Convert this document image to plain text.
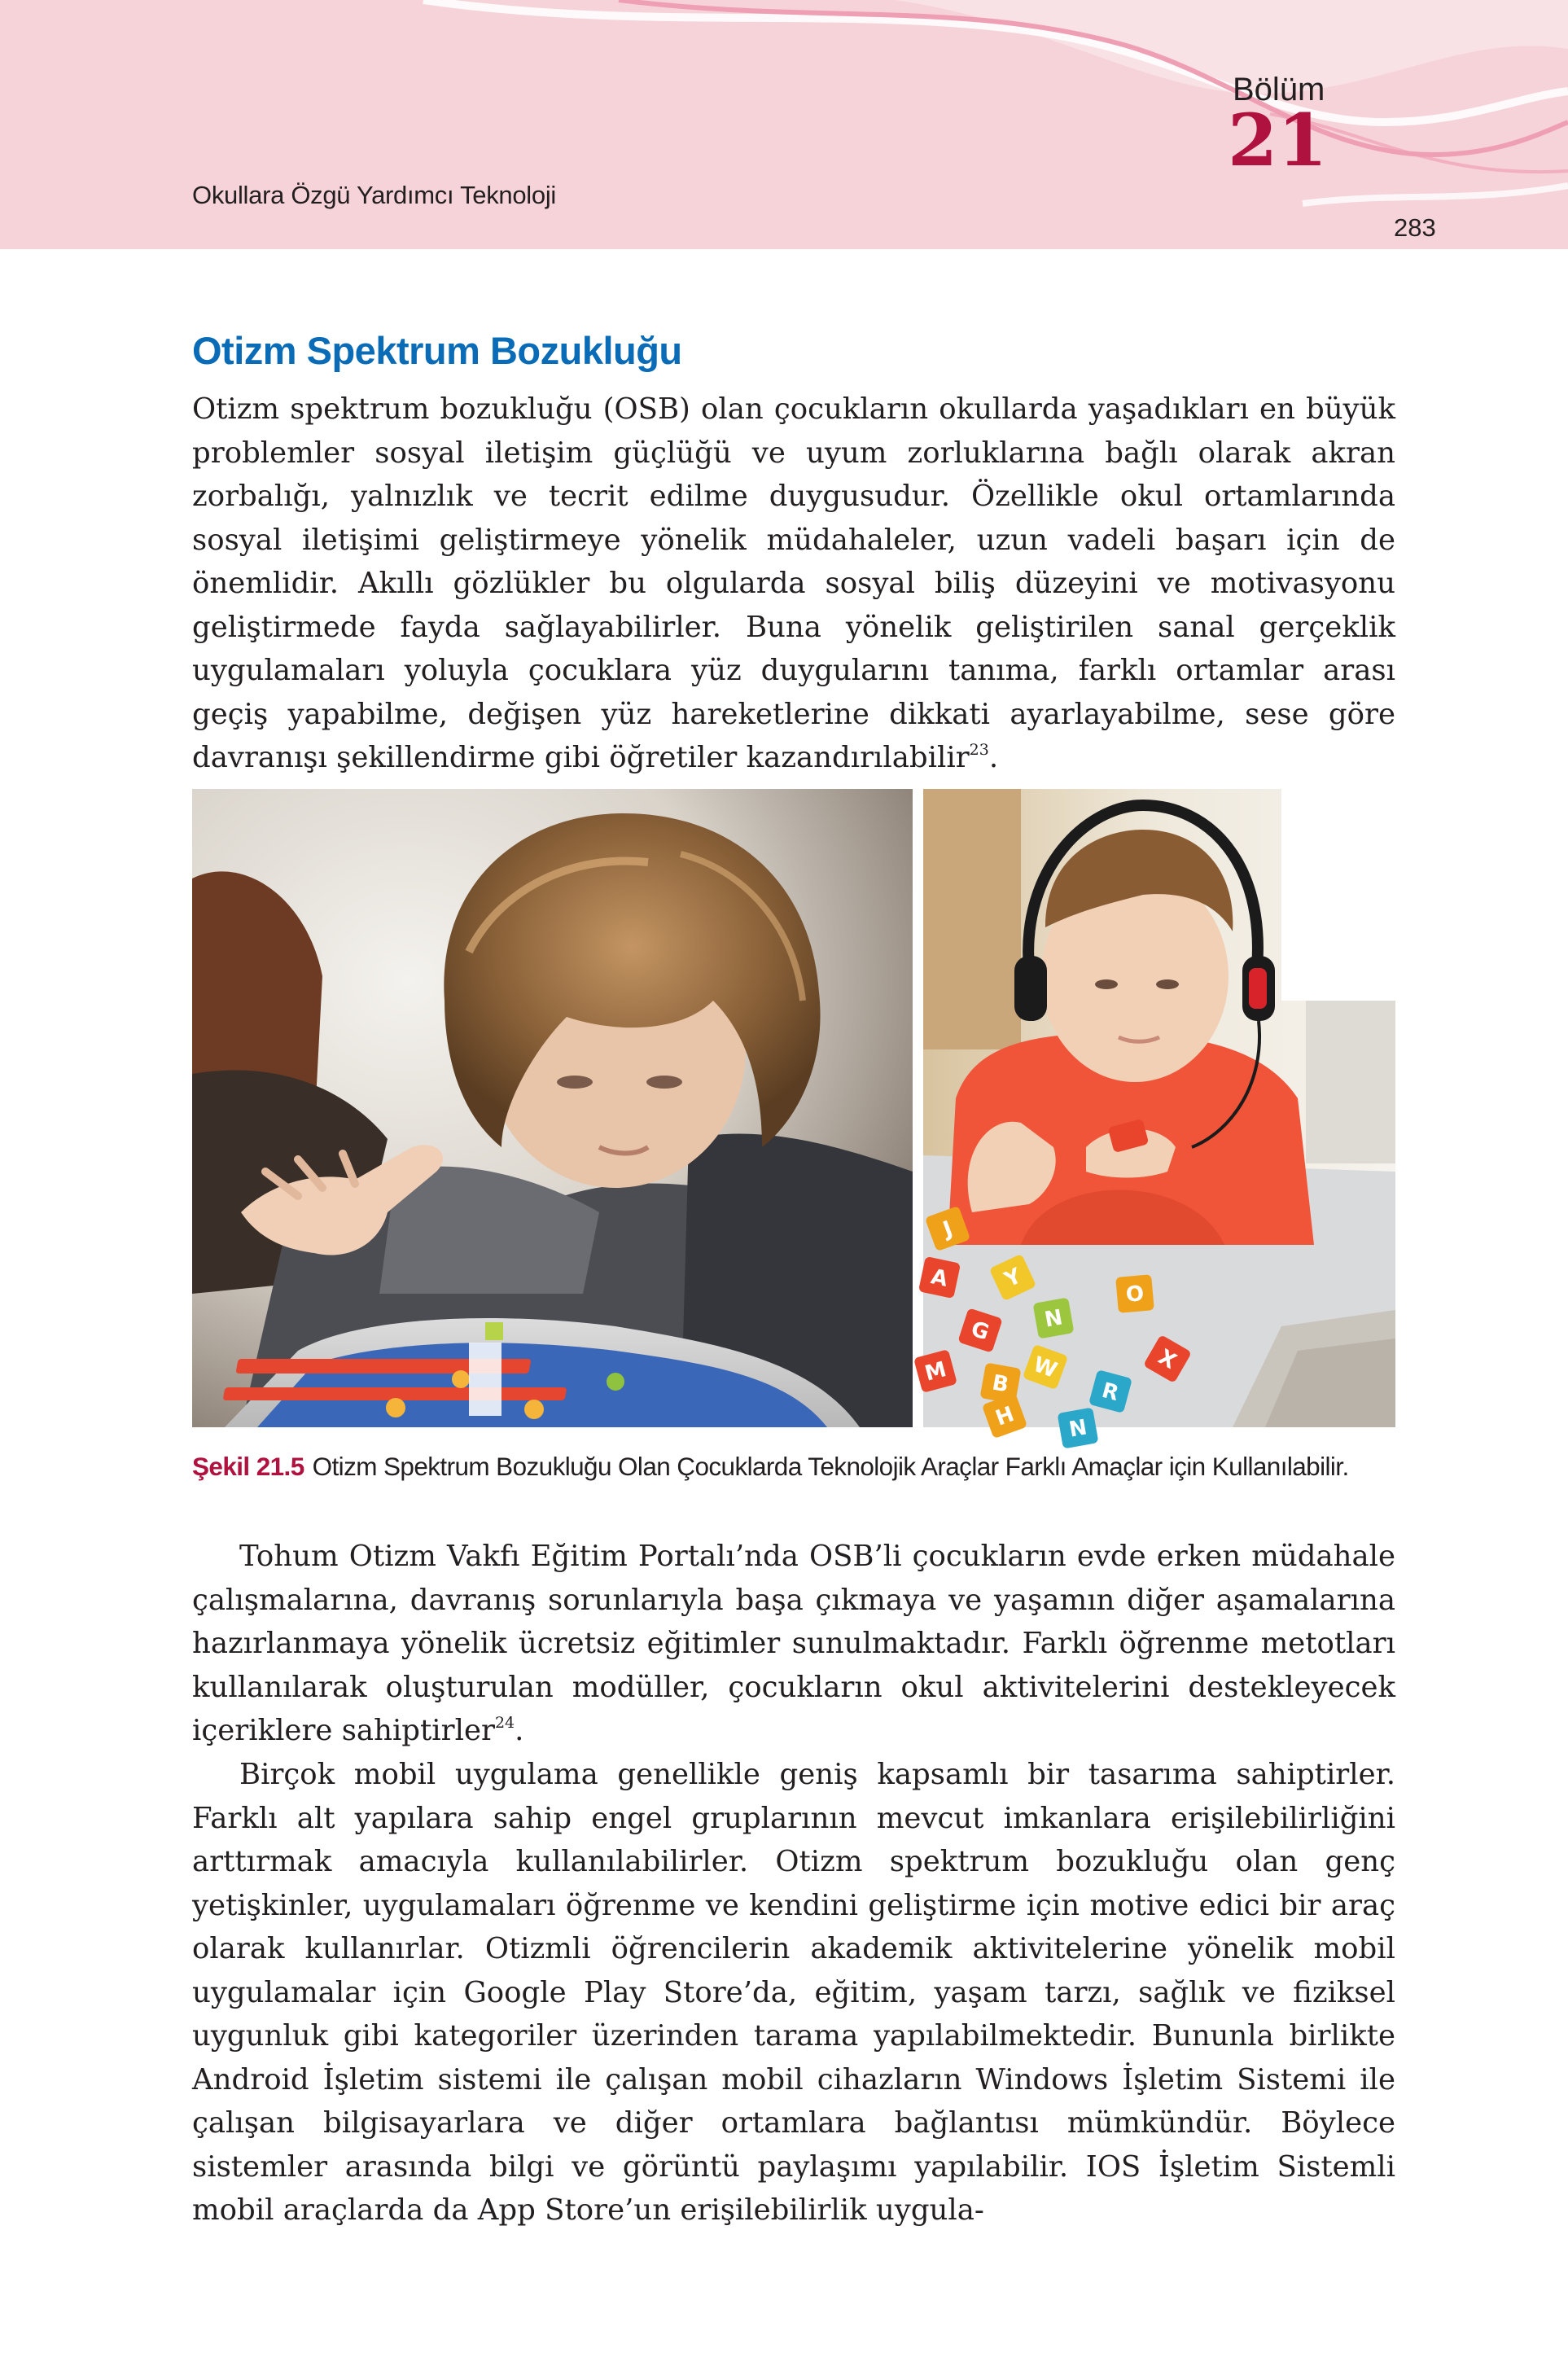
Okullara Özgü Yardımcı Teknoloji
Bölüm
21
283
Otizm Spektrum Bozukluğu

Otizm spektrum bozukluğu (OSB) olan çocukların okullarda yaşadıkları en büyük problemler sosyal iletişim güçlüğü ve uyum zorluklarına bağlı olarak akran zorbalığı, yalnızlık ve tecrit edilme duygusudur. Özellikle okul ortamlarında sosyal iletişimi geliştirmeye yönelik müdahaleler, uzun vadeli başarı için de önemlidir. Akıllı gözlükler bu olgularda sosyal biliş düzeyini ve motivasyonu geliştirmede fayda sağlayabilirler. Buna yönelik geliştirilen sanal gerçeklik uygulamaları yoluyla çocuklara yüz duygularını tanıma, farklı ortamlar arası geçiş yapabilme, değişen yüz hareketlerine dikkati ayarlayabilme, sese göre davranışı şekillendirme gibi öğretiler kazandırılabilir$^{23}$.

J
A Y
G N
O
X
M B
W
H
R
N
Şekil 21.5 Otizm Spektrum Bozukluğu Olan Çocuklarda Teknolojik Araçlar Farklı Amaçlar için Kullanılabilir.

Tohum Otizm Vakfı Eğitim Portalı’nda OSB’li çocukların evde erken müdahale çalışmalarına, davranış sorunlarıyla başa çıkmaya ve yaşamın diğer aşamalarına hazırlanmaya yönelik ücretsiz eğitimler sunulmaktadır. Farklı öğrenme metotları kullanılarak oluşturulan modüller, çocukların okul aktivitelerini destekleyecek içeriklere sahiptirler$^{24}$.

Birçok mobil uygulama genellikle geniş kapsamlı bir tasarıma sahiptirler. Farklı alt yapılara sahip engel gruplarının mevcut imkanlara erişilebilirliğini arttırmak amacıyla kullanılabilirler. Otizm spektrum bozukluğu olan genç yetişkinler, uygulamaları öğrenme ve kendini geliştirme için motive edici bir araç olarak kullanırlar. Otizmli öğrencilerin akademik aktivitelerine yönelik mobil uygulamalar için Google Play Store’da, eğitim, yaşam tarzı, sağlık ve fiziksel uygunluk gibi kategoriler üzerinden tarama yapılabilmektedir. Bununla birlikte Android İşletim sistemi ile çalışan mobil cihazların Windows İşletim Sistemi ile çalışan bilgisayarlara ve diğer ortamlara bağlantısı mümkündür. Böylece sistemler arasında bilgi ve görüntü paylaşımı yapılabilir. IOS İşletim Sistemli mobil araçlarda da App Store’un erişilebilirlik uygula-
